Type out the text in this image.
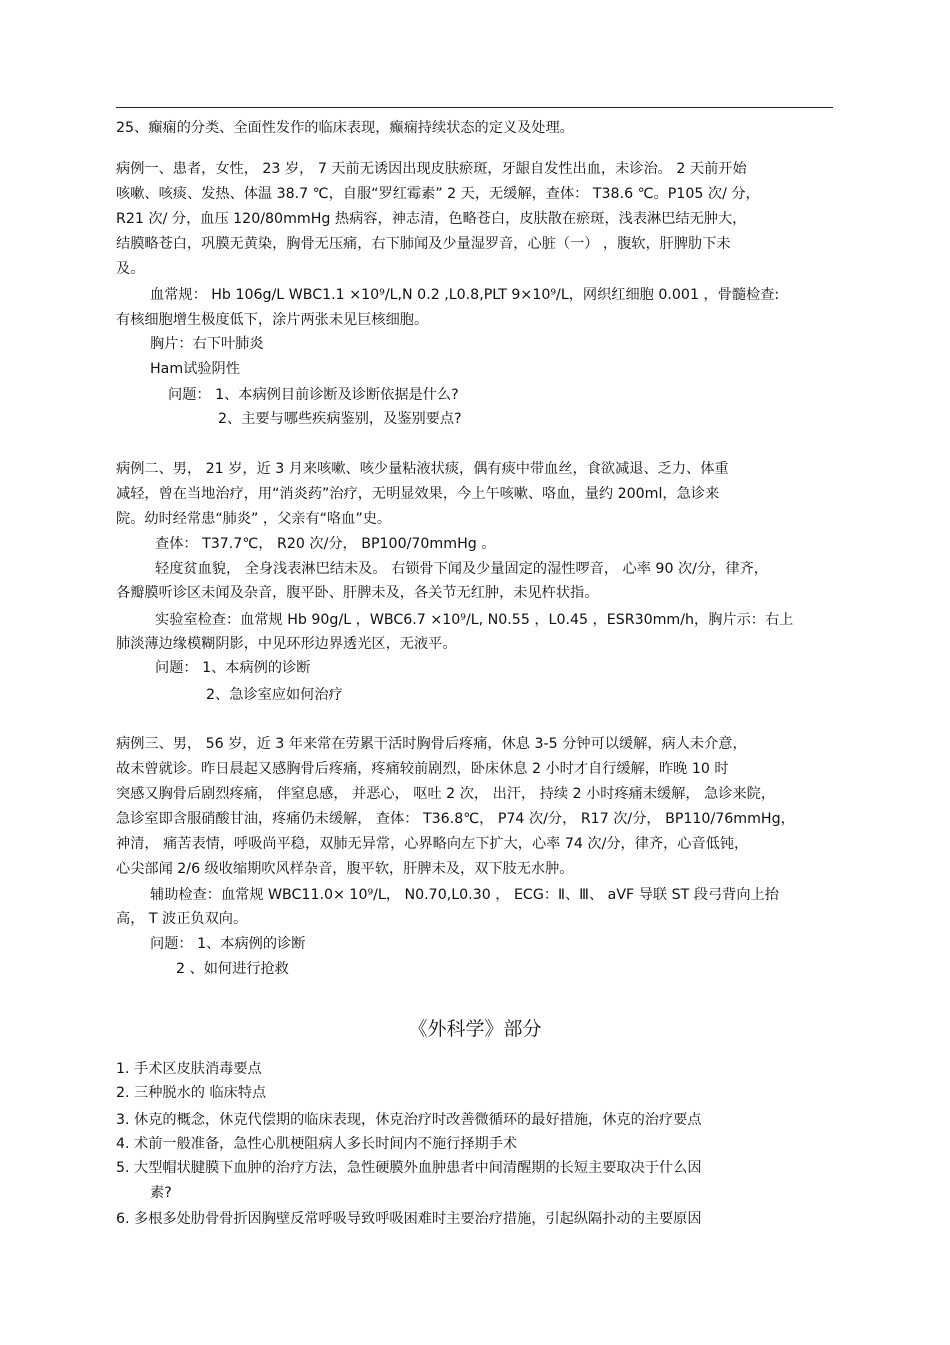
25、癫痫的分类、全面性发作的临床表现，癫痫持续状态的定义及处理。
病例一、患者，女性， 23 岁， 7 天前无诱因出现皮肤瘀斑，牙龈自发性出血，未诊治。 2 天前开始
咳嗽、咳痰、发热、体温 38.7 ℃，自服“罗红霉素” 2 天，无缓解，查体： T38.6 ℃。P105 次/ 分，
R21 次/ 分，血压 120/80mmHg 热病容，神志清，色略苍白，皮肤散在瘀斑，浅表淋巴结无肿大，
结膜略苍白，巩膜无黄染，胸骨无压痛，右下肺闻及少量湿罗音，心脏（一） ，腹软，肝脾肋下未
及。
血常规： Hb 106g/L WBC1.1 ×10⁹/L,N 0.2 ,L0.8,PLT 9×10⁹/L，网织红细胞 0.001 ，骨髓检查:
有核细胞增生极度低下，涂片两张未见巨核细胞。
胸片：右下叶肺炎
Ham试验阴性
问题： 1、本病例目前诊断及诊断依据是什么?
2、主要与哪些疾病鉴别，及鉴别要点?
病例二、男， 21 岁，近 3 月来咳嗽、咳少量粘液状痰，偶有痰中带血丝，食欲减退、乏力、体重
减轻，曾在当地治疗，用“消炎药”治疗，无明显效果，今上午咳嗽、咯血，量约 200ml，急诊来
院。幼时经常患“肺炎” ，父亲有“咯血”史。
查体： T37.7℃， R20 次/分， BP100/70mmHg 。
轻度贫血貌， 全身浅表淋巴结未及。 右锁骨下闻及少量固定的湿性啰音， 心率 90 次/分，律齐，
各瓣膜听诊区未闻及杂音，腹平卧、肝脾未及，各关节无红肿，未见杵状指。
实验室检查：血常规 Hb 90g/L ，WBC6.7 ×10⁹/L, N0.55 ，L0.45 ，ESR30mm/h，胸片示：右上
肺淡薄边缘模糊阴影，中见环形边界透光区，无液平。
问题： 1、本病例的诊断
2、急诊室应如何治疗
病例三、男， 56 岁，近 3 年来常在劳累干活时胸骨后疼痛，休息 3-5 分钟可以缓解，病人未介意，
故未曾就诊。昨日晨起又感胸骨后疼痛，疼痛较前剧烈，卧床休息 2 小时才自行缓解，昨晚 10 时
突感又胸骨后剧烈疼痛， 伴窒息感， 并恶心， 呕吐 2 次， 出汗， 持续 2 小时疼痛未缓解， 急诊来院，
急诊室即含服硝酸甘油，疼痛仍未缓解， 查体： T36.8℃， P74 次/分， R17 次/分， BP110/76mmHg，
神清， 痛苦表情，呼吸尚平稳，双肺无异常，心界略向左下扩大，心率 74 次/分，律齐，心音低钝，
心尖部闻 2/6 级收缩期吹风样杂音，腹平软，肝脾未及，双下肢无水肿。
辅助检查：血常规 WBC11.0× 10⁹/L， N0.70,L0.30 ， ECG：Ⅱ、Ⅲ、 aVF 导联 ST 段弓背向上抬
高， T 波正负双向。
问题： 1、本病例的诊断
2 、如何进行抢救
《外科学》部分
1. 手术区皮肤消毒要点
2. 三种脱水的 临床特点
3. 休克的概念，休克代偿期的临床表现，休克治疗时改善微循环的最好措施，休克的治疗要点
4. 术前一般准备，急性心肌梗阻病人多长时间内不施行择期手术
5. 大型帽状腱膜下血肿的治疗方法，急性硬膜外血肿患者中间清醒期的长短主要取决于什么因
素?
6. 多根多处肋骨骨折因胸壁反常呼吸导致呼吸困难时主要治疗措施，引起纵隔扑动的主要原因
